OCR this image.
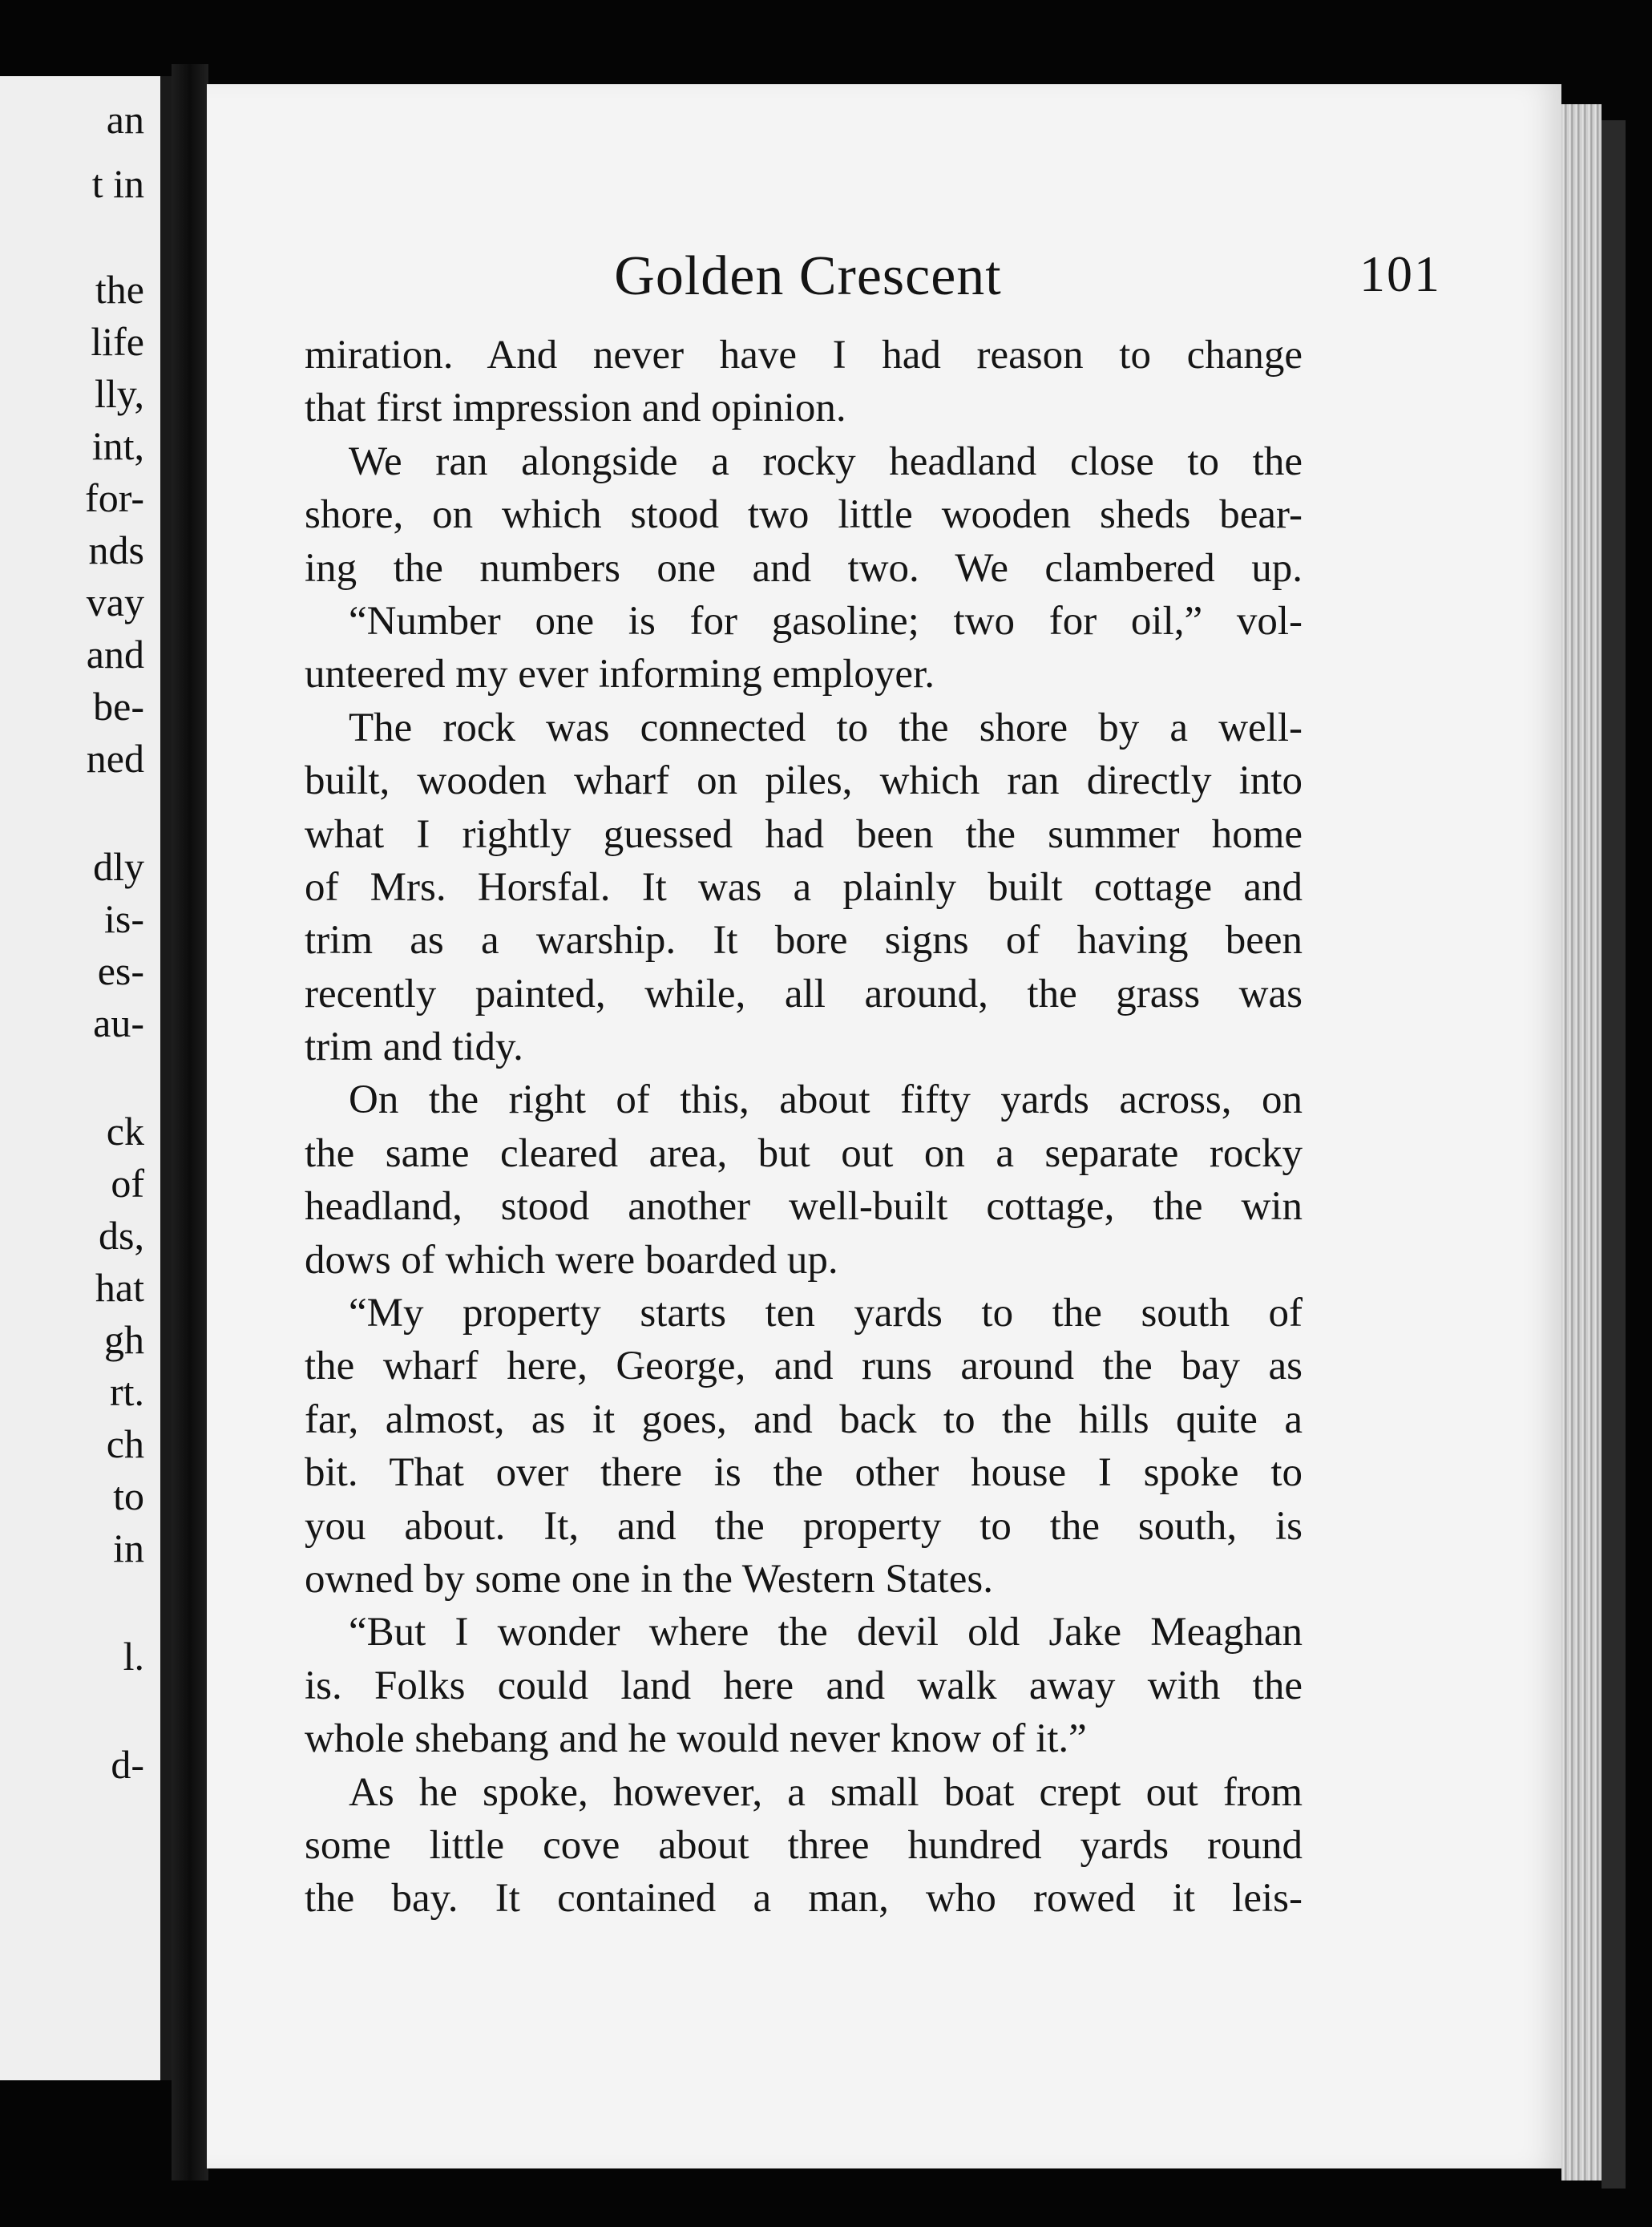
an
t in
the
life
lly,
int,
for-
nds
vay
and
be-
ned
dly
is-
es-
au-
ck
of
ds,
hat
gh
rt.
ch
to
in
l.
d-
Golden Crescent	101
miration. And never have I had reason to change
that first impression and opinion.
We ran alongside a rocky headland close to the
shore, on which stood two little wooden sheds bear-
ing the numbers one and two. We clambered up.
“Number one is for gasoline; two for oil,” vol-
unteered my ever informing employer.
The rock was connected to the shore by a well-
built, wooden wharf on piles, which ran directly into
what I rightly guessed had been the summer home
of Mrs. Horsfal. It was a plainly built cottage and
trim as a warship. It bore signs of having been
recently painted, while, all around, the grass was
trim and tidy.
On the right of this, about fifty yards across, on
the same cleared area, but out on a separate rocky
headland, stood another well-built cottage, the win
dows of which were boarded up.
“My property starts ten yards to the south of
the wharf here, George, and runs around the bay as
far, almost, as it goes, and back to the hills quite a
bit. That over there is the other house I spoke to
you about. It, and the property to the south, is
owned by some one in the Western States.
“But I wonder where the devil old Jake Meaghan
is. Folks could land here and walk away with the
whole shebang and he would never know of it.”
As he spoke, however, a small boat crept out from
some little cove about three hundred yards round
the bay. It contained a man, who rowed it leis-
